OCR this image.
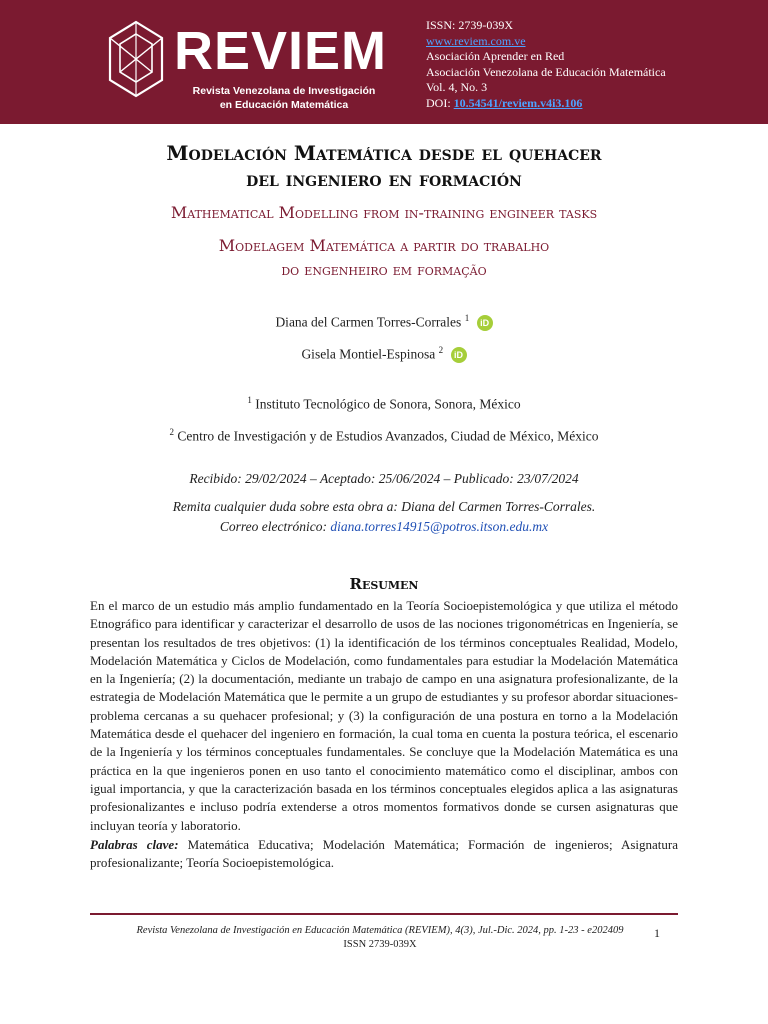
REVIEM
Revista Venezolana de Investigación
en Educación Matemática
ISSN: 2739-039X
www.reviem.com.ve
Asociación Aprender en Red
Asociación Venezolana de Educación Matemática
Vol. 4, No. 3
DOI: 10.54541/reviem.v4i3.106
Modelación Matemática desde el quehacer
del ingeniero en formación
Mathematical Modelling from in-training engineer tasks
Modelagem Matemática a partir do trabalho
do engenheiro em formação
Diana del Carmen Torres-Corrales $^1$ iD
Gisela Montiel-Espinosa $^2$ iD
$^1$ Instituto Tecnológico de Sonora, Sonora, México
$^2$ Centro de Investigación y de Estudios Avanzados, Ciudad de México, México
Recibido: 29/02/2024 – Aceptado: 25/06/2024 – Publicado: 23/07/2024
Remita cualquier duda sobre esta obra a: Diana del Carmen Torres-Corrales.
Correo electrónico: diana.torres14915@potros.itson.edu.mx
Resumen

En el marco de un estudio más amplio fundamentado en la Teoría Socioepistemológica y que utiliza el método Etnográfico para identificar y caracterizar el desarrollo de usos de las nociones trigonométricas en Ingeniería, se presentan los resultados de tres objetivos: (1) la identificación de los términos conceptuales Realidad, Modelo, Modelación Matemática y Ciclos de Modelación, como fundamentales para estudiar la Modelación Matemática en la Ingeniería; (2) la documentación, mediante un trabajo de campo en una asignatura profesionalizante, de la estrategia de Modelación Matemática que le permite a un grupo de estudiantes y su profesor abordar situaciones-problema cercanas a su quehacer profesional; y (3) la configuración de una postura en torno a la Modelación Matemática desde el quehacer del ingeniero en formación, la cual toma en cuenta la postura teórica, el escenario de la Ingeniería y los términos conceptuales fundamentales. Se concluye que la Modelación Matemática es una práctica en la que ingenieros ponen en uso tanto el conocimiento matemático como el disciplinar, ambos con igual importancia, y que la caracterización basada en los términos conceptuales elegidos aplica a las asignaturas profesionalizantes e incluso podría extenderse a otros momentos formativos donde se cursen asignaturas que incluyan teoría y laboratorio.

Palabras clave: Matemática Educativa; Modelación Matemática; Formación de ingenieros; Asignatura profesionalizante; Teoría Socioepistemológica.

Revista Venezolana de Investigación en Educación Matemática (REVIEM), 4(3), Jul.-Dic. 2024, pp. 1-23 - e202409
ISSN 2739-039X
1
